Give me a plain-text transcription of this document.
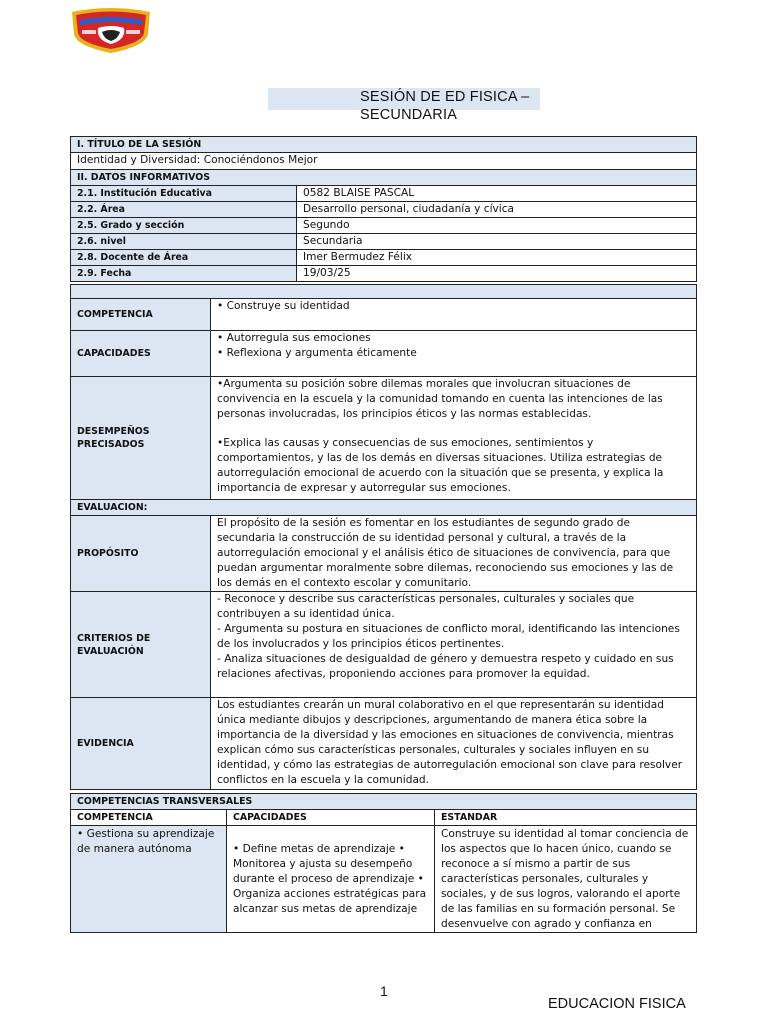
SESIÓN DE ED FISICA – SECUNDARIA
I. TÍTULO DE LA SESIÓN	
Identidad y Diversidad: Conociéndonos Mejor	
II. DATOS INFORMATIVOS	
2.1. Institución Educativa	0582 BLAISE PASCAL
2.2. Área	Desarrollo personal, ciudadanía y cívica
2.5. Grado y sección	Segundo
2.6. nivel	Secundaria
2.8. Docente de Área	Imer Bermudez Félix
2.9. Fecha	19/03/25

COMPETENCIA	• Construye su identidad
CAPACIDADES	• Autorregula sus emociones

• Reflexiona y argumenta éticamente

DESEMPEÑOS PRECISADOS	•Argumenta su posición sobre dilemas morales que involucran situaciones de convivencia en la escuela y la comunidad tomando en cuenta las intenciones de las personas involucradas, los principios éticos y las normas establecidas.

•Explica las causas y consecuencias de sus emociones, sentimientos y comportamientos, y las de los demás en diversas situaciones. Utiliza estrategias de autorregulación emocional de acuerdo con la situación que se presenta, y explica la importancia de expresar y autorregular sus emociones.

EVALUACION:	
PROPÓSITO	El propósito de la sesión es fomentar en los estudiantes de segundo grado de secundaria la construcción de su identidad personal y cultural, a través de la autorregulación emocional y el análisis ético de situaciones de convivencia, para que puedan argumentar moralmente sobre dilemas, reconociendo sus emociones y las de los demás en el contexto escolar y comunitario.
CRITERIOS DE EVALUACIÓN	- Reconoce y describe sus características personales, culturales y sociales que contribuyen a su identidad única.

- Argumenta su postura en situaciones de conflicto moral, identificando las intenciones de los involucrados y los principios éticos pertinentes.

- Analiza situaciones de desigualdad de género y demuestra respeto y cuidado en sus relaciones afectivas, proponiendo acciones para promover la equidad.

EVIDENCIA	Los estudiantes crearán un mural colaborativo en el que representarán su identidad única mediante dibujos y descripciones, argumentando de manera ética sobre la importancia de la diversidad y las emociones en situaciones de convivencia, mientras explican cómo sus características personales, culturales y sociales influyen en su identidad, y cómo las estrategias de autorregulación emocional son clave para resolver conflictos en la escuela y la comunidad.
COMPETENCIAS TRANSVERSALES		
COMPETENCIA	CAPACIDADES	ESTANDAR
• Gestiona su aprendizaje de manera autónoma	• Define metas de aprendizaje • Monitorea y ajusta su desempeño durante el proceso de aprendizaje • Organiza acciones estratégicas para alcanzar sus metas de aprendizaje	Construye su identidad al tomar conciencia de los aspectos que lo hacen único, cuando se reconoce a sí mismo a partir de sus características personales, culturales y sociales, y de sus logros, valorando el aporte de las familias en su formación personal. Se desenvuelve con agrado y confianza en
1
EDUCACION FISICA
